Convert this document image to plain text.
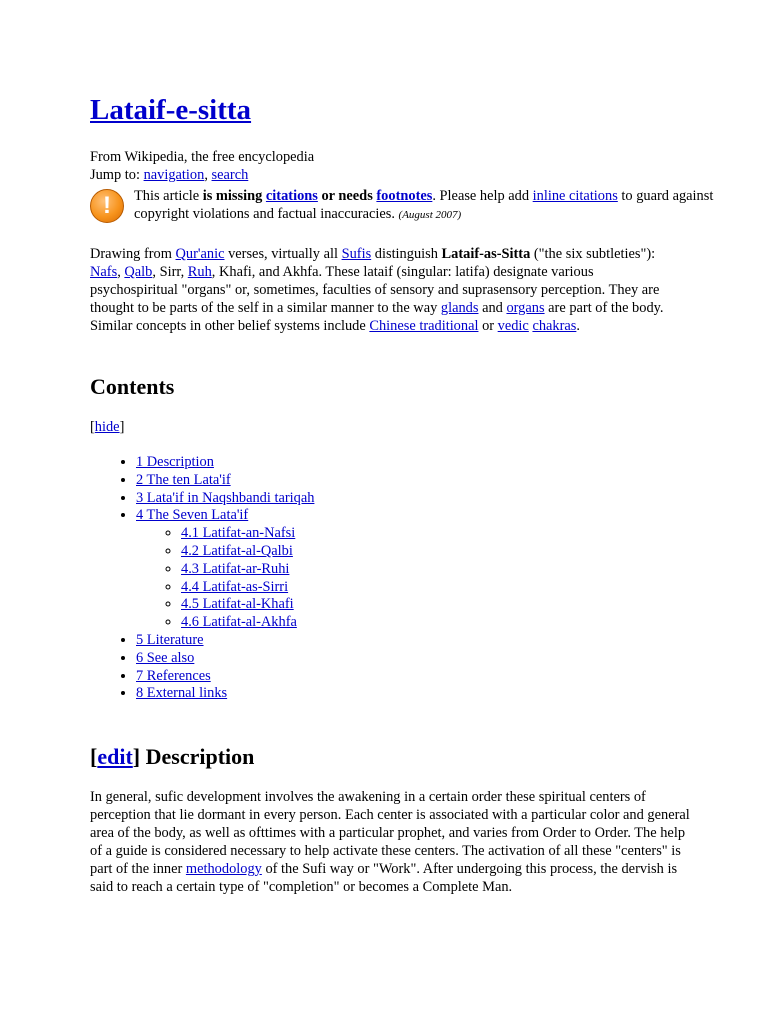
Lataif-e-sitta
From Wikipedia, the free encyclopedia
Jump to: navigation, search
!	This article is missing citations or needs footnotes. Please help add inline citations to guard against copyright violations and factual inaccuracies. (August 2007)

Drawing from Qur'anic verses, virtually all Sufis distinguish Lataif-as-Sitta ("the six subtleties"): Nafs, Qalb, Sirr, Ruh, Khafi, and Akhfa. These lataif (singular: latifa) designate various psychospiritual "organs" or, sometimes, faculties of sensory and suprasensory perception. They are thought to be parts of the self in a similar manner to the way glands and organs are part of the body. Similar concepts in other belief systems include Chinese traditional or vedic chakras.

Contents
[hide]
• 1 Description
• 2 The ten Lata'if
• 3 Lata'if in Naqshbandi tariqah
• 4 The Seven Lata'if
◦ 4.1 Latifat-an-Nafsi
◦ 4.2 Latifat-al-Qalbi
◦ 4.3 Latifat-ar-Ruhi
◦ 4.4 Latifat-as-Sirri
◦ 4.5 Latifat-al-Khafi
◦ 4.6 Latifat-al-Akhfa
• 5 Literature
• 6 See also
• 7 References
• 8 External links
[edit] Description

In general, sufic development involves the awakening in a certain order these spiritual centers of perception that lie dormant in every person. Each center is associated with a particular color and general area of the body, as well as ofttimes with a particular prophet, and varies from Order to Order. The help of a guide is considered necessary to help activate these centers. The activation of all these "centers" is part of the inner methodology of the Sufi way or "Work". After undergoing this process, the dervish is said to reach a certain type of "completion" or becomes a Complete Man.
